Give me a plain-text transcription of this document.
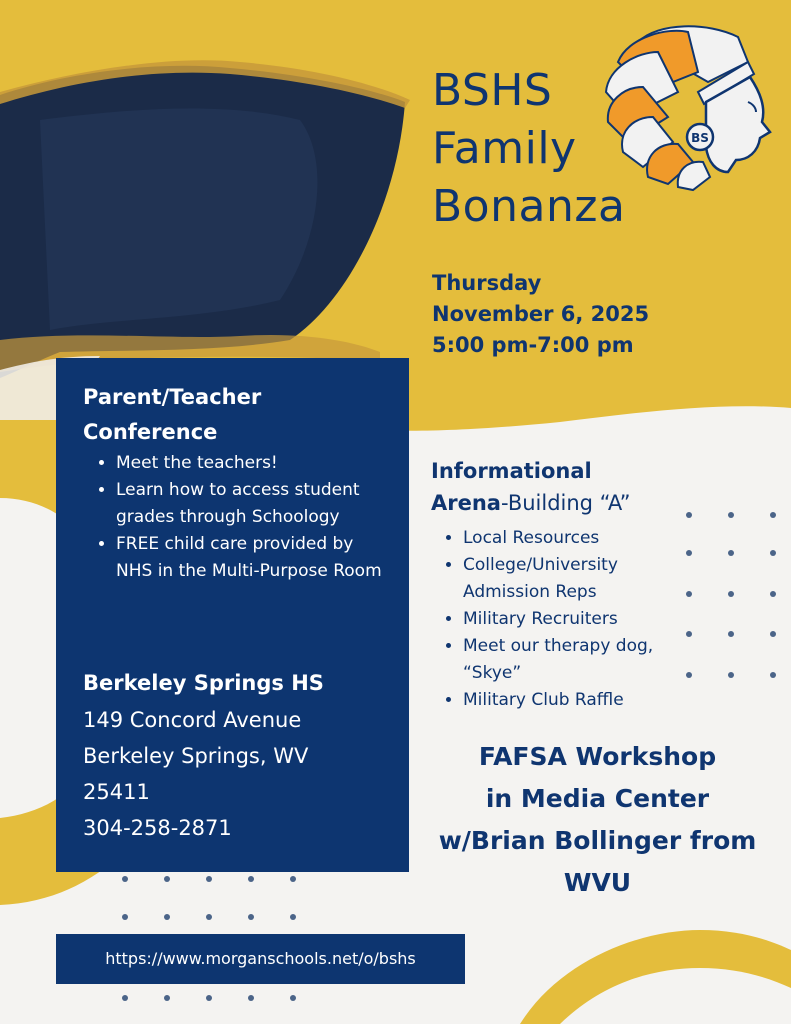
BSHS
Family
Bonanza
BS
Thursday
November 6, 2025
5:00 pm-7:00 pm
Parent/Teacher Conference
• Meet the teachers!
• Learn how to access student grades through Schoology
• FREE child care provided by NHS in the Multi-Purpose Room
Berkeley Springs HS
149 Concord Avenue
Berkeley Springs, WV
25411
304-258-2871
Informational
Arena-Building “A”
• Local Resources
• College/University Admission Reps
• Military Recruiters
• Meet our therapy dog, “Skye”
• Military Club Raffle
FAFSA Workshop
in Media Center
w/Brian Bollinger from
WVU
https://www.morganschools.net/o/bshs
